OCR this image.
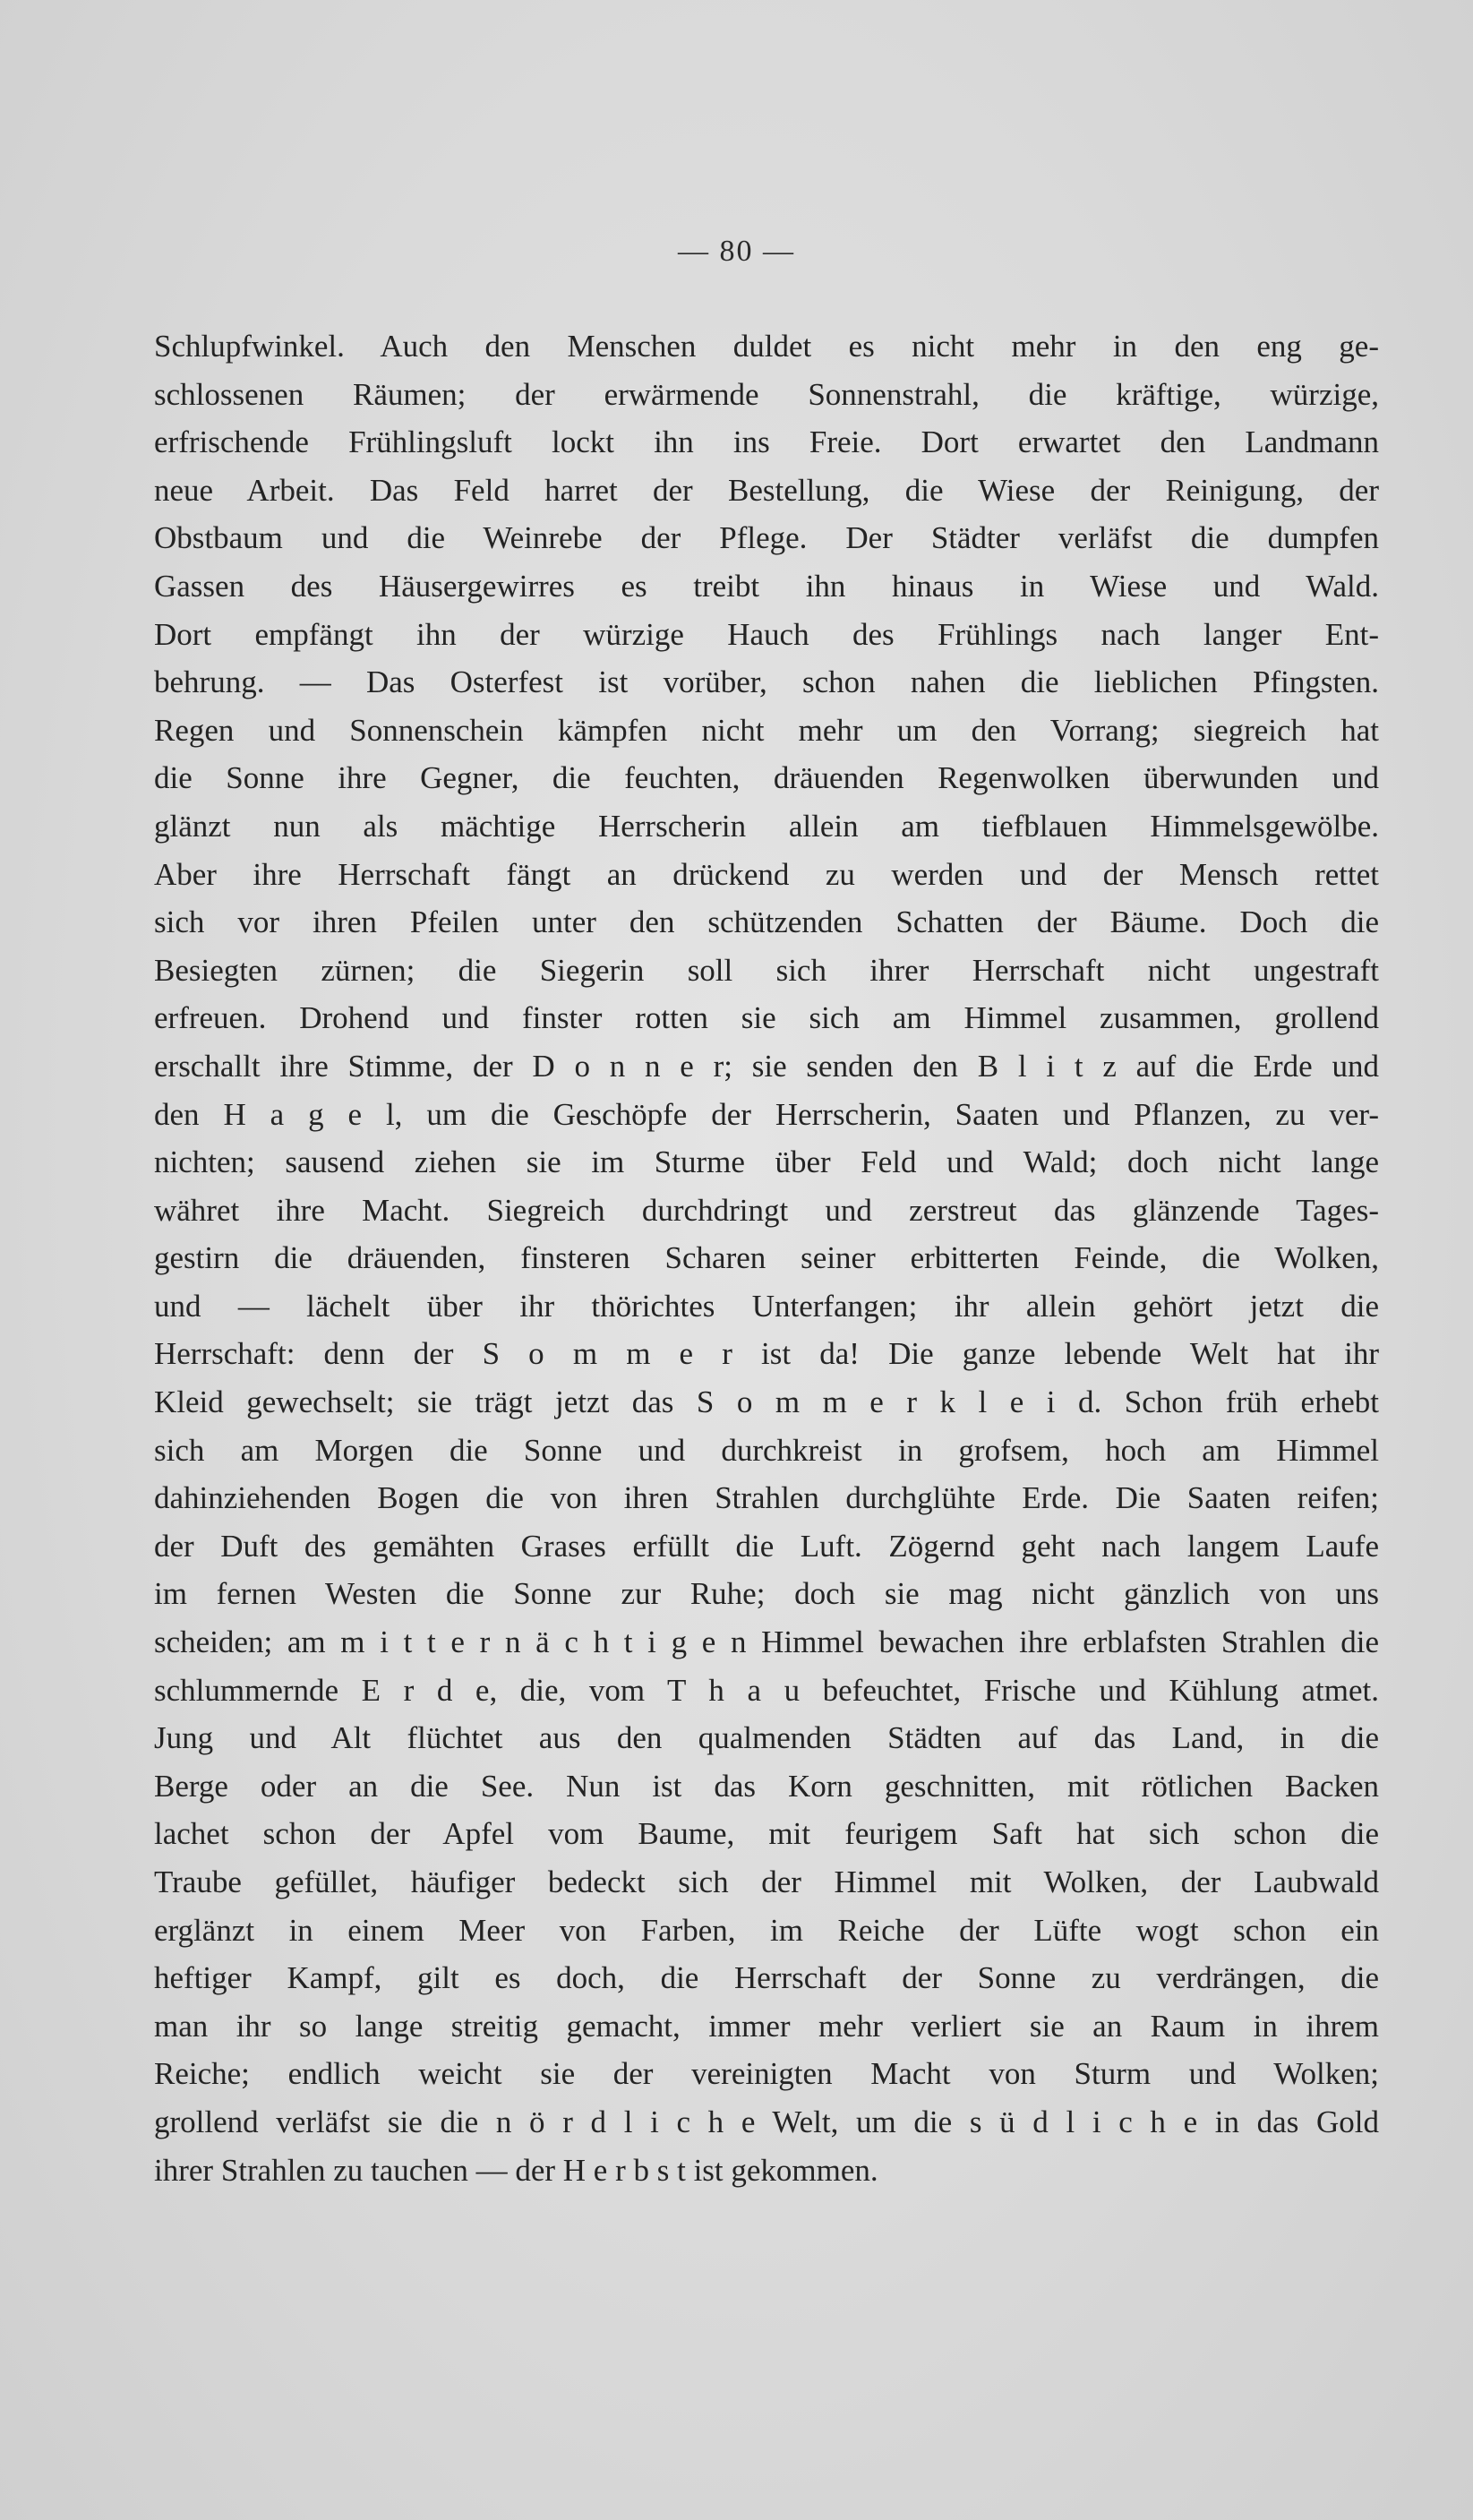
— 80 —
Schlupfwinkel. Auch den Menschen duldet es nicht mehr in den eng ge-
schlossenen Räumen; der erwärmende Sonnenstrahl, die kräftige, würzige,
erfrischende Frühlingsluft lockt ihn ins Freie. Dort erwartet den Landmann
neue Arbeit. Das Feld harret der Bestellung, die Wiese der Reinigung, der
Obstbaum und die Weinrebe der Pflege. Der Städter verläfst die dumpfen
Gassen des Häusergewirres es treibt ihn hinaus in Wiese und Wald.
Dort empfängt ihn der würzige Hauch des Frühlings nach langer Ent-
behrung. — Das Osterfest ist vorüber, schon nahen die lieblichen Pfingsten.
Regen und Sonnenschein kämpfen nicht mehr um den Vorrang; siegreich hat
die Sonne ihre Gegner, die feuchten, dräuenden Regenwolken überwunden und
glänzt nun als mächtige Herrscherin allein am tiefblauen Himmelsgewölbe.
Aber ihre Herrschaft fängt an drückend zu werden und der Mensch rettet
sich vor ihren Pfeilen unter den schützenden Schatten der Bäume. Doch die
Besiegten zürnen; die Siegerin soll sich ihrer Herrschaft nicht ungestraft
erfreuen. Drohend und finster rotten sie sich am Himmel zusammen, grollend
erschallt ihre Stimme, der D o n n e r; sie senden den B l i t z auf die Erde und
den H a g e l, um die Geschöpfe der Herrscherin, Saaten und Pflanzen, zu ver-
nichten; sausend ziehen sie im Sturme über Feld und Wald; doch nicht lange
währet ihre Macht. Siegreich durchdringt und zerstreut das glänzende Tages-
gestirn die dräuenden, finsteren Scharen seiner erbitterten Feinde, die Wolken,
und — lächelt über ihr thörichtes Unterfangen; ihr allein gehört jetzt die
Herrschaft: denn der S o m m e r ist da! Die ganze lebende Welt hat ihr
Kleid gewechselt; sie trägt jetzt das S o m m e r k l e i d. Schon früh erhebt
sich am Morgen die Sonne und durchkreist in grofsem, hoch am Himmel
dahinziehenden Bogen die von ihren Strahlen durchglühte Erde. Die Saaten reifen;
der Duft des gemähten Grases erfüllt die Luft. Zögernd geht nach langem Laufe
im fernen Westen die Sonne zur Ruhe; doch sie mag nicht gänzlich von uns
scheiden; am m i t t e r n ä c h t i g e n Himmel bewachen ihre erblafsten Strahlen die
schlummernde E r d e, die, vom T h a u befeuchtet, Frische und Kühlung atmet.
Jung und Alt flüchtet aus den qualmenden Städten auf das Land, in die
Berge oder an die See. Nun ist das Korn geschnitten, mit rötlichen Backen
lachet schon der Apfel vom Baume, mit feurigem Saft hat sich schon die
Traube gefüllet, häufiger bedeckt sich der Himmel mit Wolken, der Laubwald
erglänzt in einem Meer von Farben, im Reiche der Lüfte wogt schon ein
heftiger Kampf, gilt es doch, die Herrschaft der Sonne zu verdrängen, die
man ihr so lange streitig gemacht, immer mehr verliert sie an Raum in ihrem
Reiche; endlich weicht sie der vereinigten Macht von Sturm und Wolken;
grollend verläfst sie die n ö r d l i c h e Welt, um die s ü d l i c h e in das Gold
ihrer Strahlen zu tauchen — der H e r b s t ist gekommen.
